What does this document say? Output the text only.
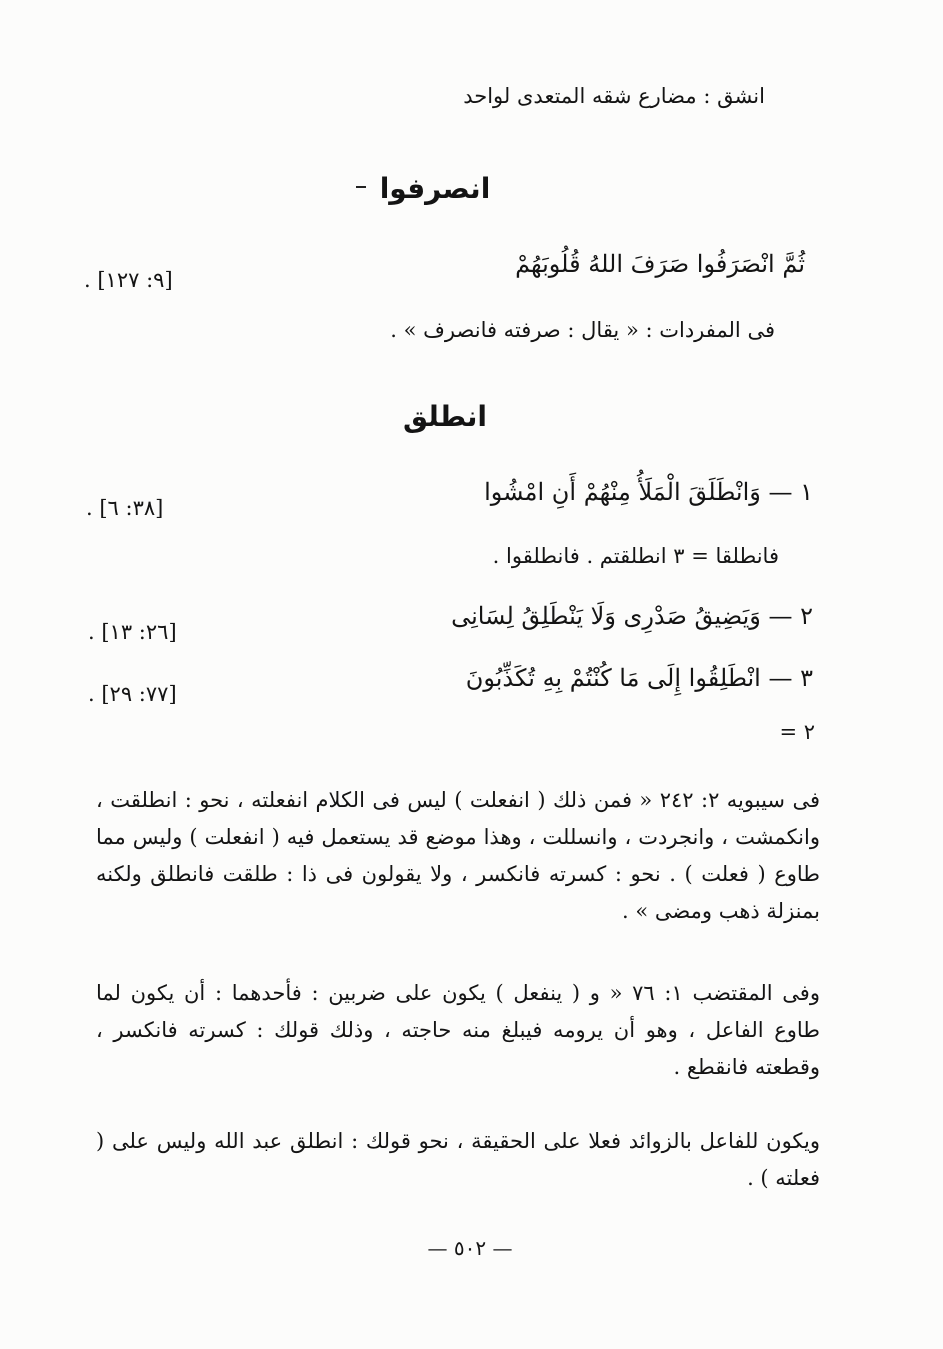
انشق : مضارع شقه المتعدى لواحد
انصرفوا
ثُمَّ انْصَرَفُوا صَرَفَ اللهُ قُلُوبَهُمْ
[٩: ١٢٧] .
فى المفردات : « يقال : صرفته فانصرف » .
انطلق
١ — وَانْطَلَقَ الْمَلَأُ مِنْهُمْ أَنِ امْشُوا
[٣٨: ٦] .
فانطلقا = ٣ انطلقتم . فانطلقوا .
٢ — وَيَضِيقُ صَدْرِى وَلَا يَنْطَلِقُ لِسَانِى
[٢٦: ١٣] .
٣ — انْطَلِقُوا إِلَى مَا كُنْتُمْ بِهِ تُكَذِّبُونَ
[٧٧: ٢٩] .
٢ =
فى سيبويه ٢: ٢٤٢ « فمن ذلك ( انفعلت ) ليس فى الكلام انفعلته ، نحو : انطلقت ، وانكمشت ، وانجردت ، وانسللت ، وهذا موضع قد يستعمل فيه ( انفعلت ) وليس مما طاوع ( فعلت ) . نحو : كسرته فانكسر ، ولا يقولون فى ذا : طلقت فانطلق ولكنه بمنزلة ذهب ومضى » .
وفى المقتضب ١: ٧٦ « و ( ينفعل ) يكون على ضربين : فأحدهما : أن يكون لما طاوع الفاعل ، وهو أن يرومه فيبلغ منه حاجته ، وذلك قولك : كسرته فانكسر ، وقطعته فانقطع .
ويكون للفاعل بالزوائد فعلا على الحقيقة ، نحو قولك : انطلق عبد الله وليس على ( فعلته ) .
— ٥٠٢ —
